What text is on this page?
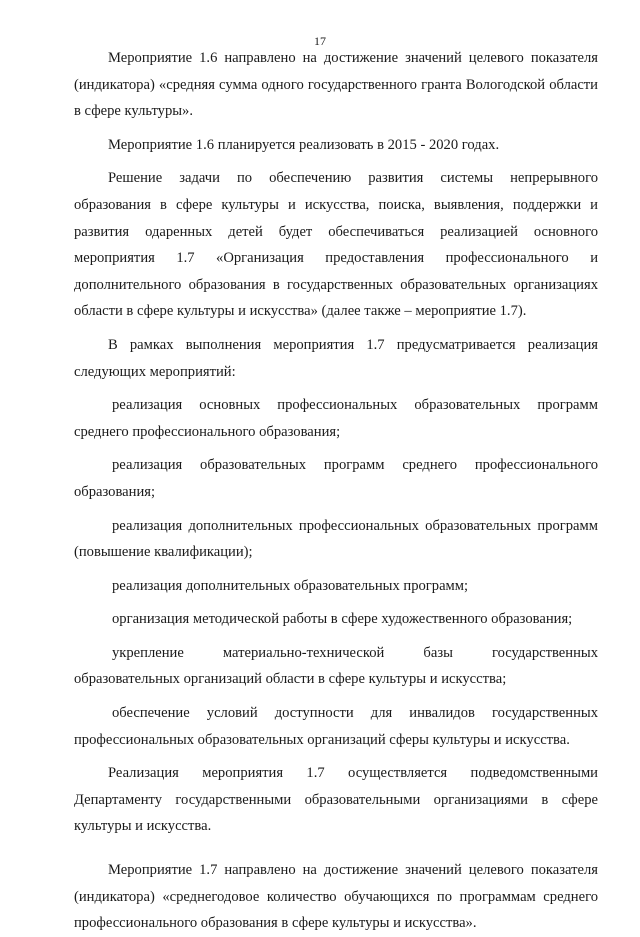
17

Мероприятие 1.6 направлено на достижение значений целевого показателя (индикатора) «средняя сумма одного государственного гранта Вологодской области в сфере культуры».

Мероприятие 1.6 планируется реализовать в 2015 - 2020 годах.

Решение задачи по обеспечению развития системы непрерывного образования в сфере культуры и искусства, поиска, выявления, поддержки и развития одаренных детей будет обеспечиваться реализацией основного мероприятия 1.7 «Организация предоставления профессионального и дополнительного образования в государственных образовательных организациях области в сфере культуры и искусства» (далее также – мероприятие 1.7).

В рамках выполнения мероприятия 1.7 предусматривается реализация следующих мероприятий:

реализация основных профессиональных образовательных программ среднего профессионального образования;

реализация образовательных программ среднего профессионального образования;

реализация дополнительных профессиональных образовательных программ (повышение квалификации);

реализация дополнительных образовательных программ;

организация методической работы в сфере художественного образования;

укрепление материально-технической базы государственных образовательных организаций области в сфере культуры и искусства;

обеспечение условий доступности для инвалидов государственных профессиональных образовательных организаций сферы культуры и искусства.

Реализация мероприятия 1.7 осуществляется подведомственными Департаменту государственными образовательными организациями в сфере культуры и искусства.

Мероприятие 1.7 направлено на достижение значений целевого показателя (индикатора) «среднегодовое количество обучающихся по программам среднего профессионального образования в сфере культуры и искусства».
